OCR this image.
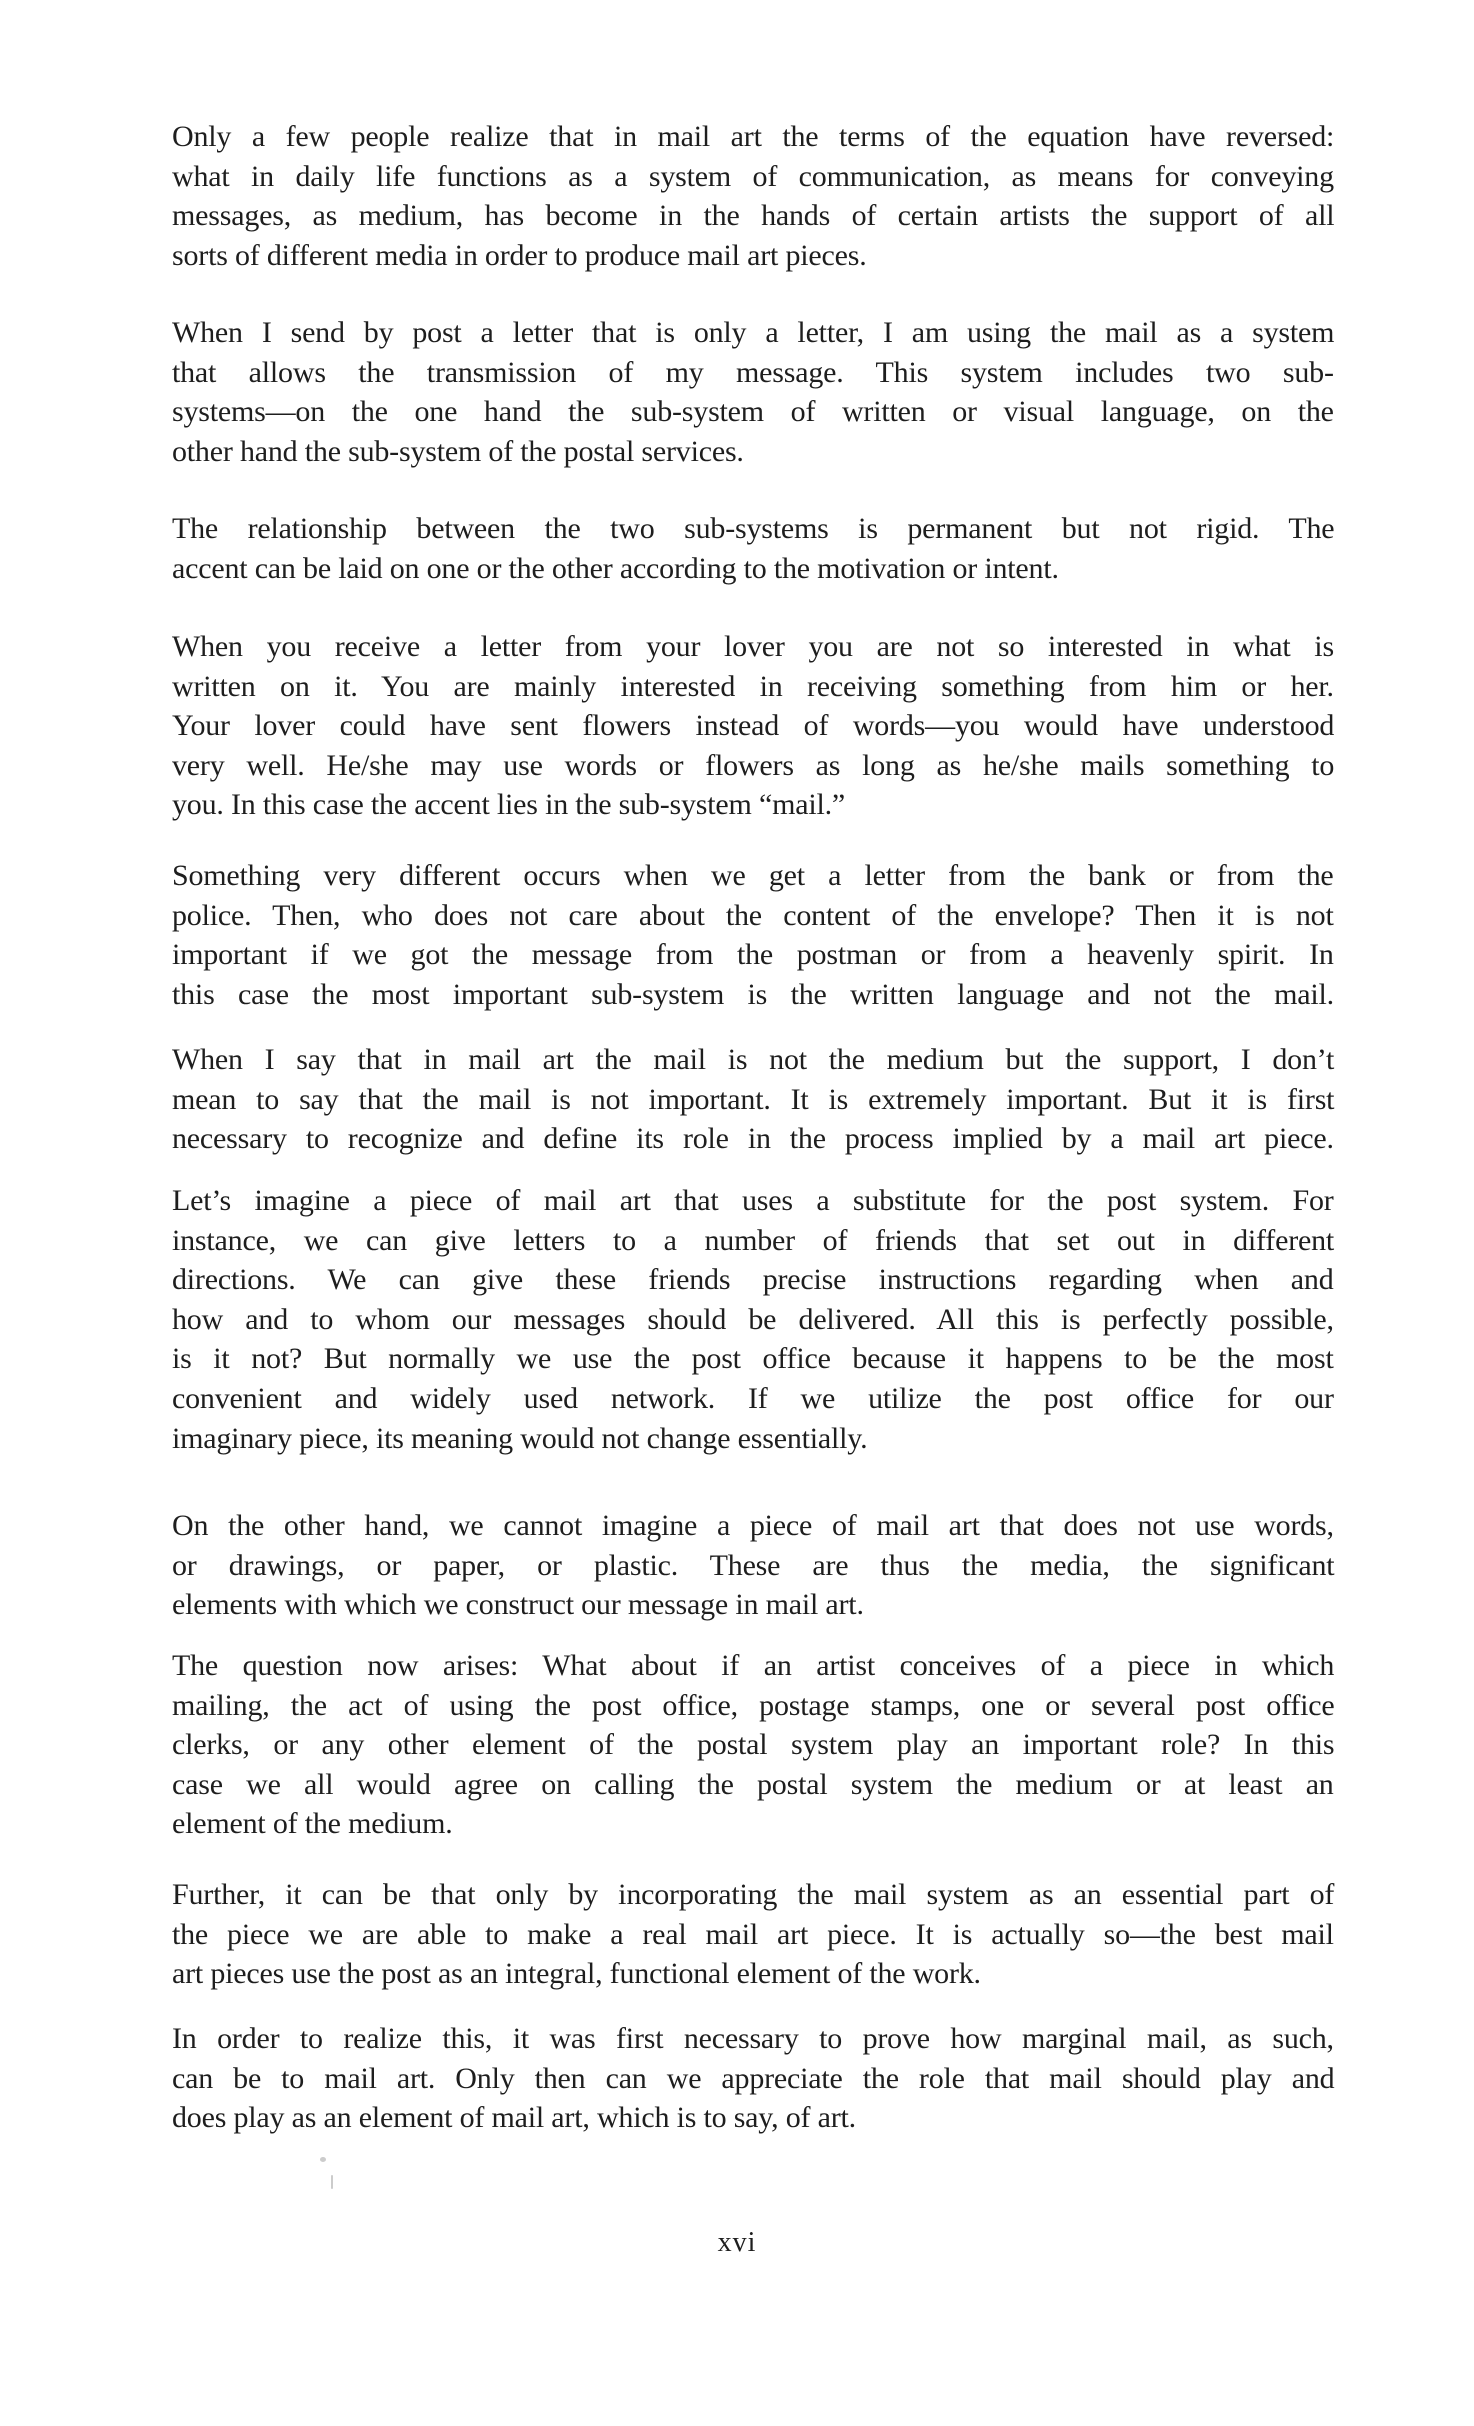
Only a few people realize that in mail art the terms of the equation have reversed:
what in daily life functions as a system of communication, as means for conveying
messages, as medium, has become in the hands of certain artists the support of all
sorts of different media in order to produce mail art pieces.
When I send by post a letter that is only a letter, I am using the mail as a system
that allows the transmission of my message. This system includes two sub-
systems—on the one hand the sub-system of written or visual language, on the
other hand the sub-system of the postal services.
The relationship between the two sub-systems is permanent but not rigid. The
accent can be laid on one or the other according to the motivation or intent.
When you receive a letter from your lover you are not so interested in what is
written on it. You are mainly interested in receiving something from him or her.
Your lover could have sent flowers instead of words—you would have understood
very well. He/she may use words or flowers as long as he/she mails something to
you. In this case the accent lies in the sub-system “mail.”
Something very different occurs when we get a letter from the bank or from the
police. Then, who does not care about the content of the envelope? Then it is not
important if we got the message from the postman or from a heavenly spirit. In
this case the most important sub-system is the written language and not the mail.
When I say that in mail art the mail is not the medium but the support, I don’t
mean to say that the mail is not important. It is extremely important. But it is first
necessary to recognize and define its role in the process implied by a mail art piece.
Let’s imagine a piece of mail art that uses a substitute for the post system. For
instance, we can give letters to a number of friends that set out in different
directions. We can give these friends precise instructions regarding when and
how and to whom our messages should be delivered. All this is perfectly possible,
is it not? But normally we use the post office because it happens to be the most
convenient and widely used network. If we utilize the post office for our
imaginary piece, its meaning would not change essentially.
On the other hand, we cannot imagine a piece of mail art that does not use words,
or drawings, or paper, or plastic. These are thus the media, the significant
elements with which we construct our message in mail art.
The question now arises: What about if an artist conceives of a piece in which
mailing, the act of using the post office, postage stamps, one or several post office
clerks, or any other element of the postal system play an important role? In this
case we all would agree on calling the postal system the medium or at least an
element of the medium.
Further, it can be that only by incorporating the mail system as an essential part of
the piece we are able to make a real mail art piece. It is actually so—the best mail
art pieces use the post as an integral, functional element of the work.
In order to realize this, it was first necessary to prove how marginal mail, as such,
can be to mail art. Only then can we appreciate the role that mail should play and
does play as an element of mail art, which is to say, of art.
xvi
